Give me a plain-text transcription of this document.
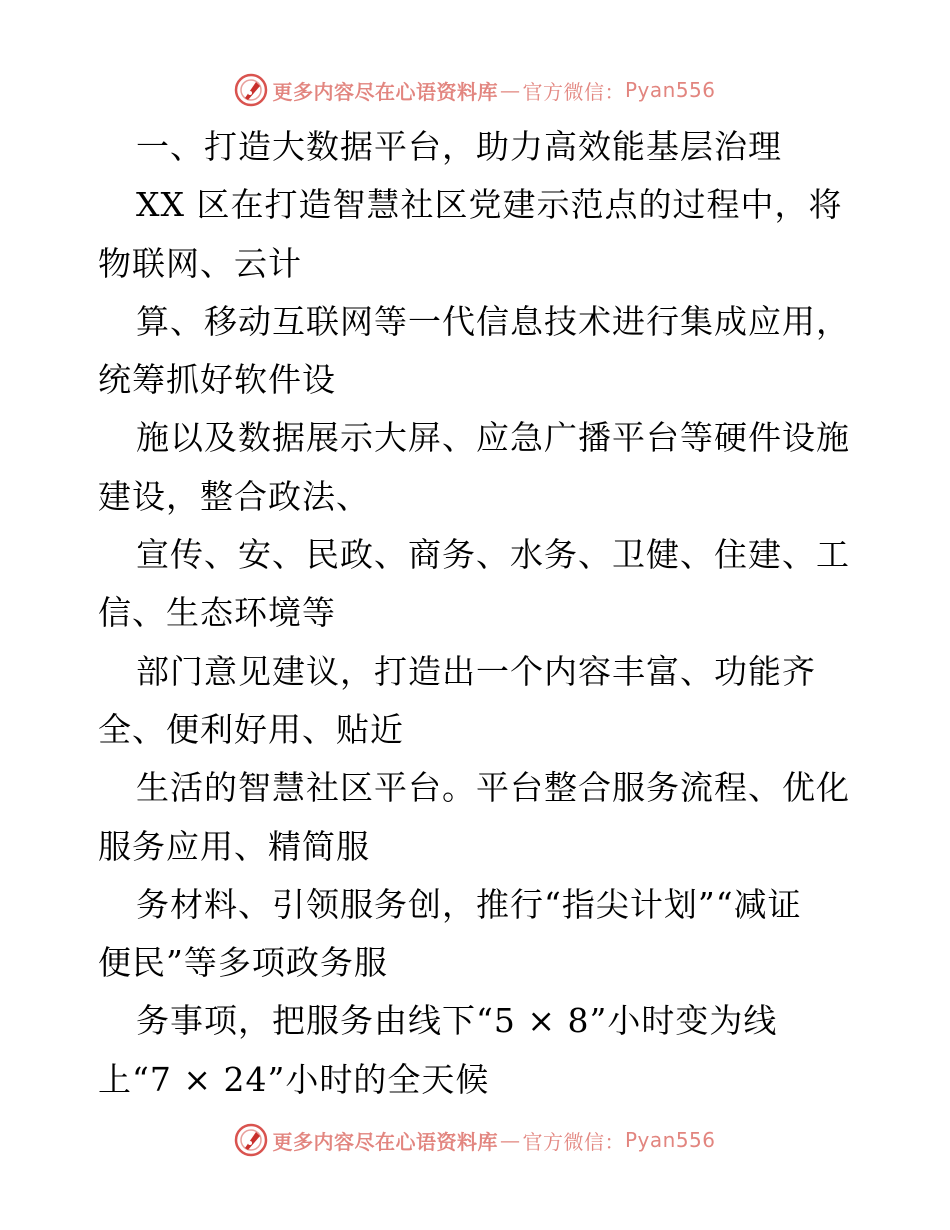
更多内容尽在心语资料库 — 官方微信： Pyan556
一、打造大数据平台，助力高效能基层治理
XX 区在打造智慧社区党建示范点的过程中，将
物联网、云计
算、移动互联网等一代信息技术进行集成应用，
统筹抓好软件设
施以及数据展示大屏、应急广播平台等硬件设施
建设，整合政法、
宣传、安、民政、商务、水务、卫健、住建、工
信、生态环境等
部门意见建议，打造出一个内容丰富、功能齐
全、便利好用、贴近
生活的智慧社区平台。平台整合服务流程、优化
服务应用、精简服
务材料、引领服务创，推行“指尖计划”“减证
便民”等多项政务服
务事项，把服务由线下“5 × 8”小时变为线
上“7 × 24”小时的全天候
更多内容尽在心语资料库 — 官方微信： Pyan556
